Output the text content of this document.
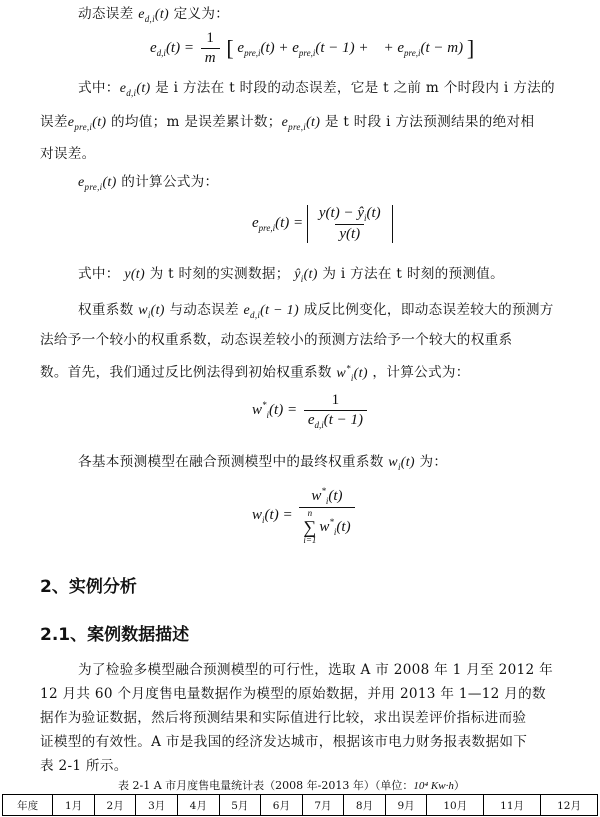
动态误差 $e_{d,i}(t)$ 定义为：
$e_{d,i}(t) = \frac{1}{m}$ [ $e_{pre,i}(t) + e_{pre,i}(t - 1)$ +    + $e_{pre,i}(t - m)$ ]
式中：$e_{d,i}(t)$ 是 i 方法在 t 时段的动态误差，它是 t 之前 m 个时段内 i 方法的
误差$e_{pre,i}(t)$ 的均值；m 是误差累计数；$e_{pre,i}(t)$ 是 t 时段 i 方法预测结果的绝对相
对误差。
$e_{pre,i}(t)$ 的计算公式为：
$e_{pre,i}(t) = \frac{y(t) - ŷ_i(t)}{y(t)}$
式中： y(t) 为 t 时刻的实测数据； $ŷ_i(t)$ 为 i 方法在 t 时刻的预测值。
权重系数 $w_i(t)$ 与动态误差 $e_{d,i}(t - 1)$ 成反比例变化，即动态误差较大的预测方
法给予一个较小的权重系数，动态误差较小的预测方法给予一个较大的权重系
数。首先，我们通过反比例法得到初始权重系数 $w^*_i(t)$ ，计算公式为：
$w^*_i(t) = \frac{1}{e_{d,i}(t - 1)}$
各基本预测模型在融合预测模型中的最终权重系数 $w_i(t)$ 为：
$w_i(t) = w^*_i(t)$
n
∑
i=1
$w^*_i(t)$
2、实例分析
2.1、案例数据描述
为了检验多模型融合预测模型的可行性，选取 A 市 2008 年 1 月至 2012 年
12 月共 60 个月度售电量数据作为模型的原始数据，并用 2013 年 1—12 月的数
据作为验证数据，然后将预测结果和实际值进行比较，求出误差评价指标进而验
证模型的有效性。A 市是我国的经济发达城市，根据该市电力财务报表数据如下
表 2-1 所示。
表 2-1 A 市月度售电量统计表（2008 年-2013 年）（单位：10⁴ Kw·h）
年度	1月	2月	3月	4月	5月	6月	7月	8月	9月	10月	11月	12月
